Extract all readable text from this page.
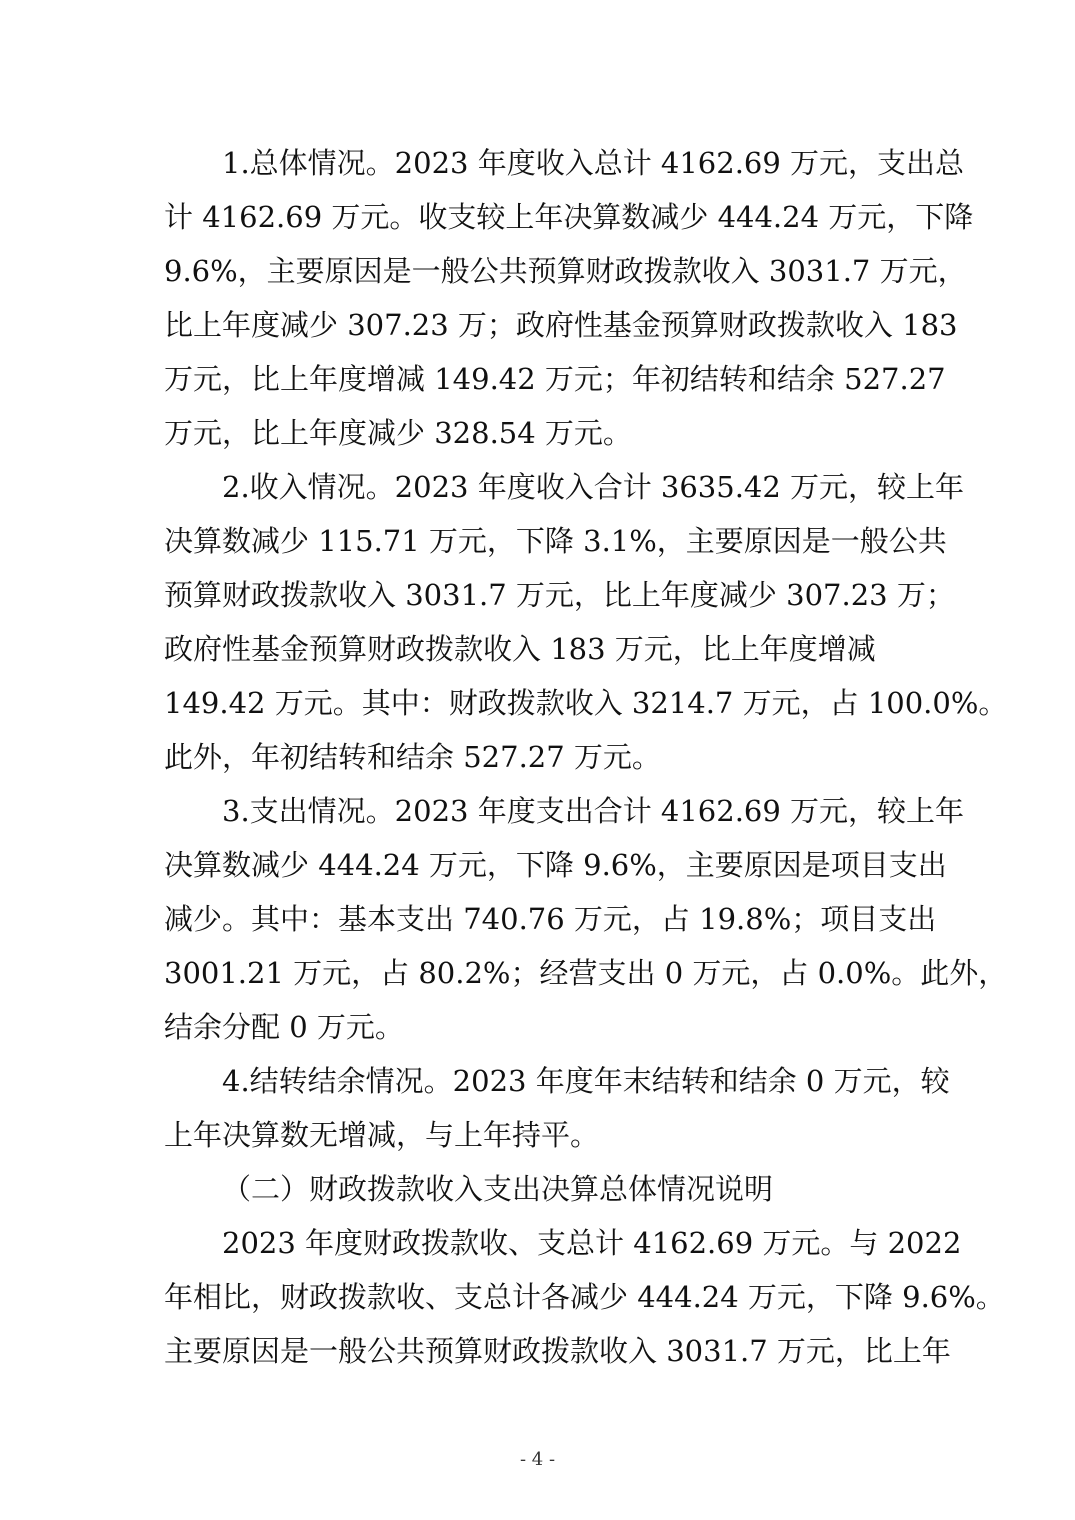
1.总体情况。2023 年度收入总计 4162.69 万元，支出总
计 4162.69 万元。收支较上年决算数减少 444.24 万元，下降
9.6%，主要原因是一般公共预算财政拨款收入 3031.7 万元，
比上年度减少 307.23 万；政府性基金预算财政拨款收入 183
万元，比上年度增减 149.42 万元；年初结转和结余 527.27
万元，比上年度减少 328.54 万元。
2.收入情况。2023 年度收入合计 3635.42 万元，较上年
决算数减少 115.71 万元，下降 3.1%，主要原因是一般公共
预算财政拨款收入 3031.7 万元，比上年度减少 307.23 万；
政府性基金预算财政拨款收入 183 万元，比上年度增减
149.42 万元。其中：财政拨款收入 3214.7 万元，占 100.0%。
此外，年初结转和结余 527.27 万元。
3.支出情况。2023 年度支出合计 4162.69 万元，较上年
决算数减少 444.24 万元，下降 9.6%，主要原因是项目支出
减少。其中：基本支出 740.76 万元，占 19.8%；项目支出
3001.21 万元，占 80.2%；经营支出 0 万元，占 0.0%。此外，
结余分配 0 万元。
4.结转结余情况。2023 年度年末结转和结余 0 万元，较
上年决算数无增减，与上年持平。
（二）财政拨款收入支出决算总体情况说明
2023 年度财政拨款收、支总计 4162.69 万元。与 2022
年相比，财政拨款收、支总计各减少 444.24 万元，下降 9.6%。
主要原因是一般公共预算财政拨款收入 3031.7 万元，比上年
- 4 -
